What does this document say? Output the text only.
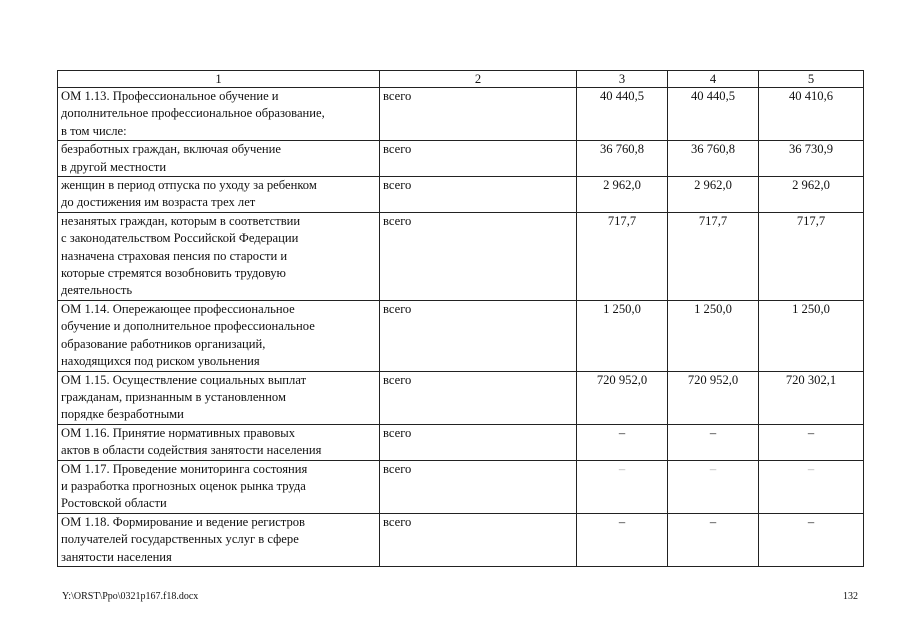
1	2	3	4	5
ОМ 1.13. Профессиональное обучение и
дополнительное профессиональное образование,
в том числе:	всего	40 440,5	40 440,5	40 410,6
безработных граждан, включая обучение
в другой местности	всего	36 760,8	36 760,8	36 730,9
женщин в период отпуска по уходу за ребенком
до достижения им возраста трех лет	всего	2 962,0	2 962,0	2 962,0
незанятых граждан, которым в соответствии
с законодательством Российской Федерации
назначена страховая пенсия по старости и
которые стремятся возобновить трудовую
деятельность	всего	717,7	717,7	717,7
ОМ 1.14. Опережающее профессиональное
обучение и дополнительное профессиональное
образование работников организаций,
находящихся под риском увольнения	всего	1 250,0	1 250,0	1 250,0
ОМ 1.15. Осуществление социальных выплат
гражданам, признанным в установленном
порядке безработными	всего	720 952,0	720 952,0	720 302,1
ОМ 1.16. Принятие нормативных правовых
актов в области содействия занятости населения	всего	–	–	–
ОМ 1.17. Проведение мониторинга состояния
и разработка прогнозных оценок рынка труда
Ростовской области	всего	–	–	–
ОМ 1.18. Формирование и ведение регистров
получателей государственных услуг в сфере
занятости населения	всего	–	–	–
Y:\ORST\Ppo\0321p167.f18.docx	132
